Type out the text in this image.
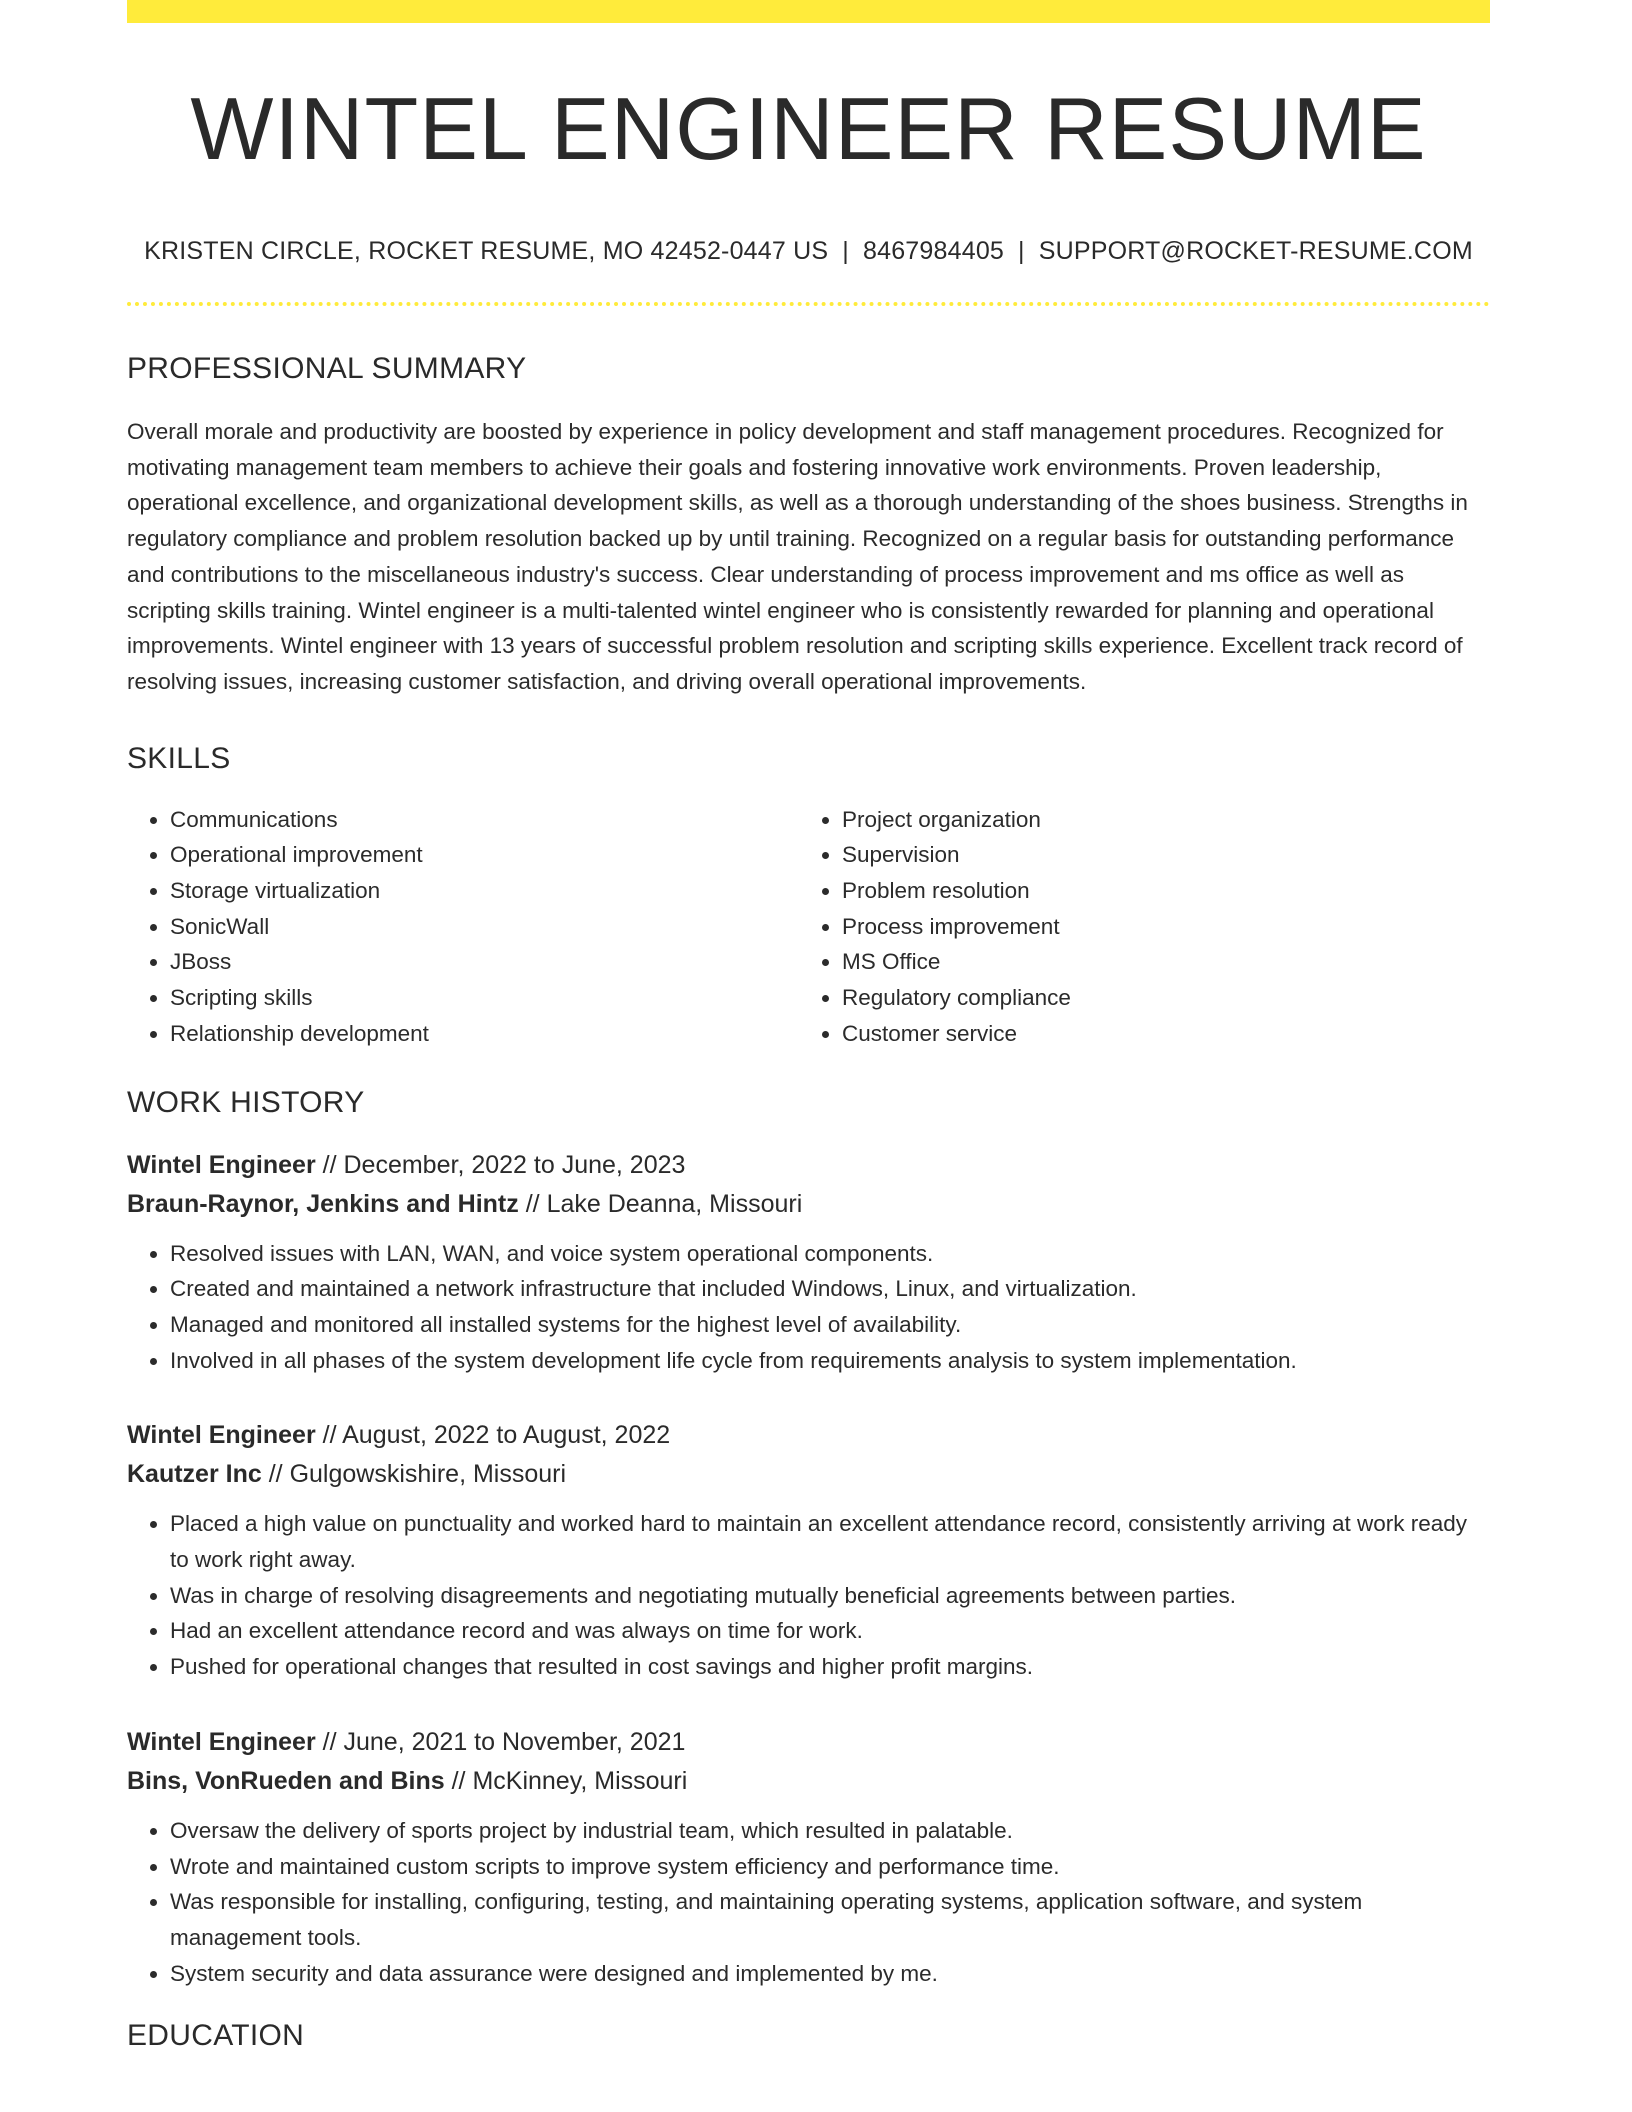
WINTEL ENGINEER RESUME
KRISTEN CIRCLE, ROCKET RESUME, MO 42452-0447 US | 8467984405 | SUPPORT@ROCKET-RESUME.COM
PROFESSIONAL SUMMARY

Overall morale and productivity are boosted by experience in policy development and staff management procedures. Recognized for motivating management team members to achieve their goals and fostering innovative work environments. Proven leadership, operational excellence, and organizational development skills, as well as a thorough understanding of the shoes business. Strengths in regulatory compliance and problem resolution backed up by until training. Recognized on a regular basis for outstanding performance and contributions to the miscellaneous industry's success. Clear understanding of process improvement and ms office as well as scripting skills training. Wintel engineer is a multi-talented wintel engineer who is consistently rewarded for planning and operational improvements. Wintel engineer with 13 years of successful problem resolution and scripting skills experience. Excellent track record of resolving issues, increasing customer satisfaction, and driving overall operational improvements.

SKILLS
• Communications
• Operational improvement
• Storage virtualization
• SonicWall
• JBoss
• Scripting skills
• Relationship development
• Project organization
• Supervision
• Problem resolution
• Process improvement
• MS Office
• Regulatory compliance
• Customer service
WORK HISTORY
Wintel Engineer // December, 2022 to June, 2023
Braun-Raynor, Jenkins and Hintz // Lake Deanna, Missouri
• Resolved issues with LAN, WAN, and voice system operational components.
• Created and maintained a network infrastructure that included Windows, Linux, and virtualization.
• Managed and monitored all installed systems for the highest level of availability.
• Involved in all phases of the system development life cycle from requirements analysis to system implementation.
Wintel Engineer // August, 2022 to August, 2022
Kautzer Inc // Gulgowskishire, Missouri
• Placed a high value on punctuality and worked hard to maintain an excellent attendance record, consistently arriving at work ready to work right away.
• Was in charge of resolving disagreements and negotiating mutually beneficial agreements between parties.
• Had an excellent attendance record and was always on time for work.
• Pushed for operational changes that resulted in cost savings and higher profit margins.
Wintel Engineer // June, 2021 to November, 2021
Bins, VonRueden and Bins // McKinney, Missouri
• Oversaw the delivery of sports project by industrial team, which resulted in palatable.
• Wrote and maintained custom scripts to improve system efficiency and performance time.
• Was responsible for installing, configuring, testing, and maintaining operating systems, application software, and system management tools.
• System security and data assurance were designed and implemented by me.
EDUCATION
